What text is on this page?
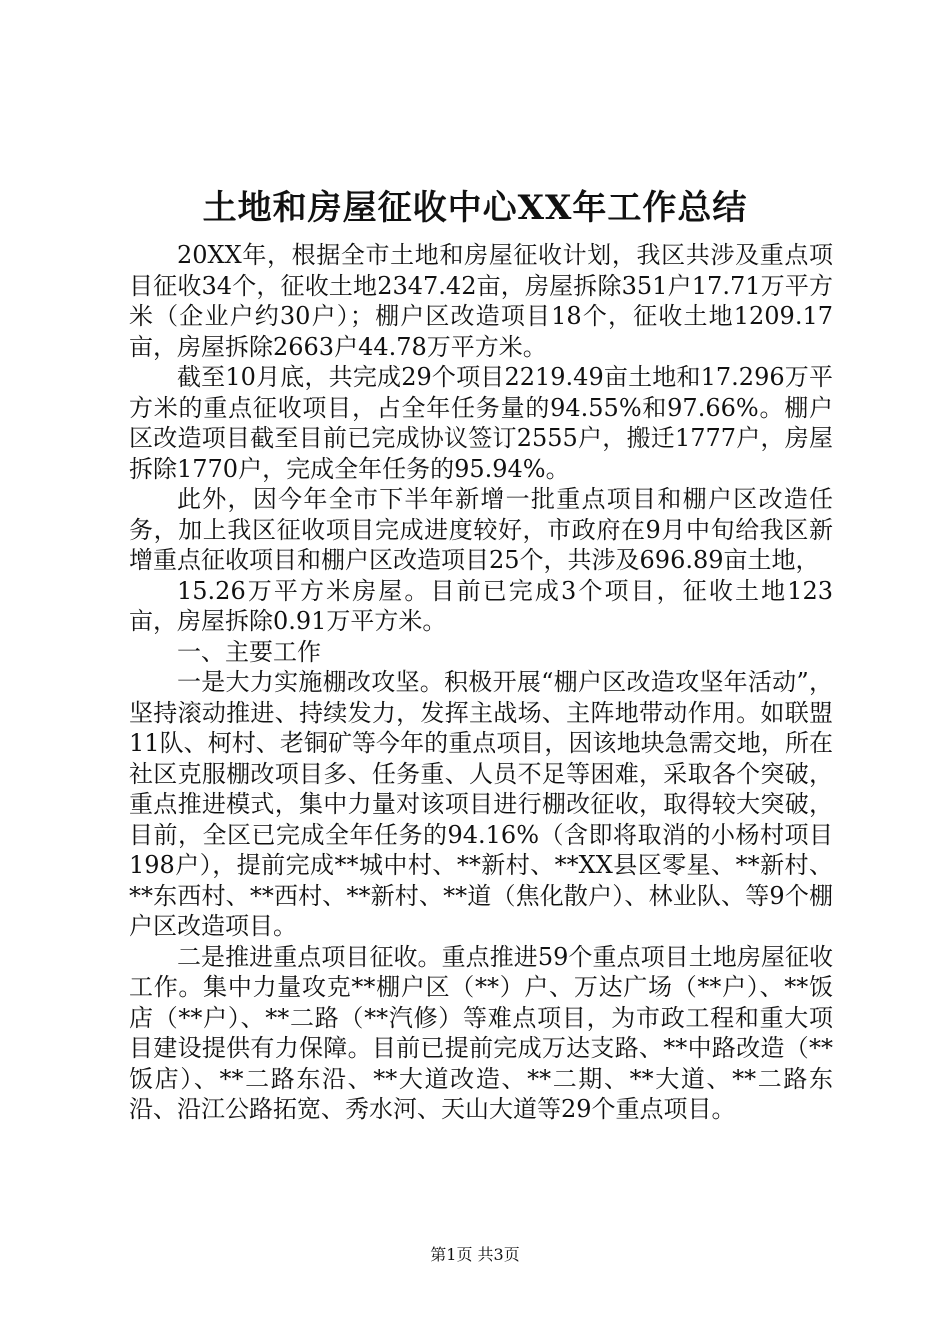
土地和房屋征收中心XX年工作总结

20XX年，根据全市土地和房屋征收计划，我区共涉及重点项目征收34个，征收土地2347.42亩，房屋拆除351户17.71万平方米（企业户约30户）；棚户区改造项目18个，征收土地1209.17亩，房屋拆除2663户44.78万平方米。

截至10月底，共完成29个项目2219.49亩土地和17.296万平方米的重点征收项目，占全年任务量的94.55%和97.66%。棚户区改造项目截至目前已完成协议签订2555户，搬迁1777户，房屋拆除1770户，完成全年任务的95.94%。

此外，因今年全市下半年新增一批重点项目和棚户区改造任务，加上我区征收项目完成进度较好，市政府在9月中旬给我区新增重点征收项目和棚户区改造项目25个，共涉及696.89亩土地，

15.26万平方米房屋。目前已完成3个项目，征收土地123亩，房屋拆除0.91万平方米。

一、主要工作

一是大力实施棚改攻坚。积极开展“棚户区改造攻坚年活动”，坚持滚动推进、持续发力，发挥主战场、主阵地带动作用。如联盟11队、柯村、老铜矿等今年的重点项目，因该地块急需交地，所在社区克服棚改项目多、任务重、人员不足等困难，采取各个突破，重点推进模式，集中力量对该项目进行棚改征收，取得较大突破，目前，全区已完成全年任务的94.16%（含即将取消的小杨村项目198户），提前完成**城中村、**新村、**XX县区零星、**新村、**东西村、**西村、**新村、**道（焦化散户）、林业队、等9个棚户区改造项目。

二是推进重点项目征收。重点推进59个重点项目土地房屋征收工作。集中力量攻克**棚户区（**）户、万达广场（**户）、**饭店（**户）、**二路（**汽修）等难点项目，为市政工程和重大项目建设提供有力保障。目前已提前完成万达支路、**中路改造（**饭店）、**二路东沿、**大道改造、**二期、**大道、**二路东沿、沿江公路拓宽、秀水河、天山大道等29个重点项目。

第1页 共3页
